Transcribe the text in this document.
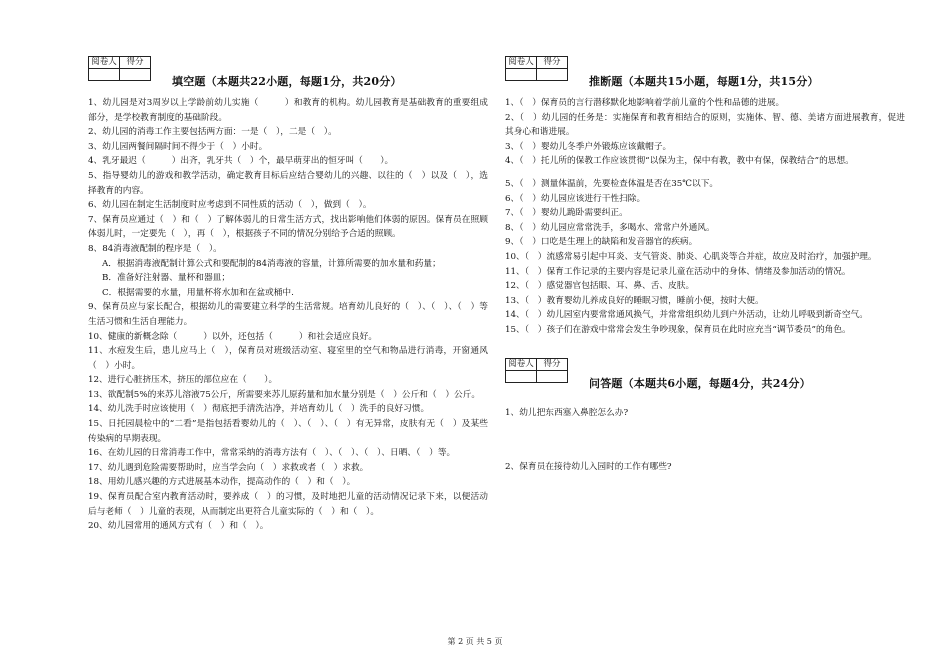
阅卷人	得分

填空题（本题共22小题，每题1分，共20分）

1、幼儿园是对3周岁以上学龄前幼儿实施（　　　）和教育的机构。幼儿园教育是基础教育的重要组成部分，是学校教育制度的基础阶段。

2、幼儿园的消毒工作主要包括两方面：一是（　），二是（　）。

3、幼儿园两餐间隔时间不得少于（　）小时。

4、乳牙最迟（　　　）出齐，乳牙共（　）个，最早萌芽出的恒牙叫（　　）。

5、指导婴幼儿的游戏和教学活动，确定教育目标后应结合婴幼儿的兴趣、以往的（　）以及（　），选择教育的内容。

6、幼儿园在制定生活制度时应考虑到不同性质的活动（　），做到（　）。

7、保育员应通过（　）和（　）了解体弱儿的日常生活方式，找出影响他们体弱的原因。保育员在照顾体弱儿时，一定要先（　），再（　），根据孩子不同的情况分别给予合适的照顾。

8、84消毒液配制的程序是（　）。

A．根据消毒液配制计算公式和要配制的84消毒液的容量，计算所需要的加水量和药量；

B．准备好注射器、量杯和器皿；

C．根据需要的水量，用量杯将水加和在盆或桶中.

9、保育员应与家长配合，根据幼儿的需要建立科学的生活常规。培育幼儿良好的（　）、（　）、（　）等生活习惯和生活自理能力。

10、健康的新概念除（　　　）以外，还包括（　　　）和社会适应良好。

11、水痘发生后，患儿应马上（　），保育员对班级活动室、寝室里的空气和物品进行消毒，开窗通风（　）小时。

12、进行心脏挤压术，挤压的部位应在（　　）。

13、欲配制5%的来苏儿溶液75公斤，所需要来苏儿原药量和加水量分别是（　）公斤和（　）公斤。

14、幼儿洗手时应该使用（　）彻底把手清洗洁净，并培育幼儿（　）洗手的良好习惯。

15、日托园晨检中的“二看”是指包括看婴幼儿的（　）、（　）、（　）有无异常，皮肤有无（　）及某些传染病的早期表现。

16、在幼儿园的日常消毒工作中，常常采纳的消毒方法有（　）、（　）、（　）、日晒、（　）等。

17、幼儿遇到危险需要帮助时，应当学会向（　）求救或者（　）求救。

18、用幼儿感兴趣的方式进展基本动作，提高动作的（　）和（　）。

19、保育员配合室内教育活动时，要养成（　）的习惯，及时地把儿童的活动情况记录下来，以便活动后与老师（　）儿童的表现，从而制定出更符合儿童实际的（　）和（　）。

20、幼儿园常用的通风方式有（　）和（　）。

阅卷人	得分

推断题（本题共15小题，每题1分，共15分）

1、（　）保育员的言行潜移默化地影响着学前儿童的个性和品德的进展。

2、（　）幼儿园的任务是：实施保育和教育相结合的原则，实施体、智、德、美诸方面进展教育，促进其身心和谐进展。

3、（　）婴幼儿冬季户外锻炼应该戴帽子。

4、（　）托儿所的保教工作应该贯彻“以保为主，保中有教，教中有保，保教结合”的思想。

5、（　）测量体温前，先要检查体温是否在35℃以下。

6、（　）幼儿园应该进行干性扫除。

7、（　）婴幼儿跪卧需要纠正。

8、（　）幼儿园应常常洗手，多喝水、常常户外通风。

9、（　）口吃是生理上的缺陷和发音器官的疾病。

10、（　）流感常易引起中耳炎、支气管炎、肺炎、心肌炎等合并症，故应及时治疗，加强护理。

11、（　）保育工作记录的主要内容是记录儿童在活动中的身体、情绪及参加活动的情况。

12、（　）感觉器官包括眼、耳、鼻、舌、皮肤。

13、（　）教育婴幼儿养成良好的睡眠习惯，睡前小便，按时大便。

14、（　）幼儿园室内要常常通风换气，并常常组织幼儿到户外活动，让幼儿呼吸到新奇空气。

15、（　）孩子们在游戏中常常会发生争吵现象，保育员在此时应充当“调节委员”的角色。

阅卷人	得分

问答题（本题共6小题，每题4分，共24分）

1、幼儿把东西塞入鼻腔怎么办?

2、保育员在接待幼儿入园时的工作有哪些?

第 2 页 共 5 页
